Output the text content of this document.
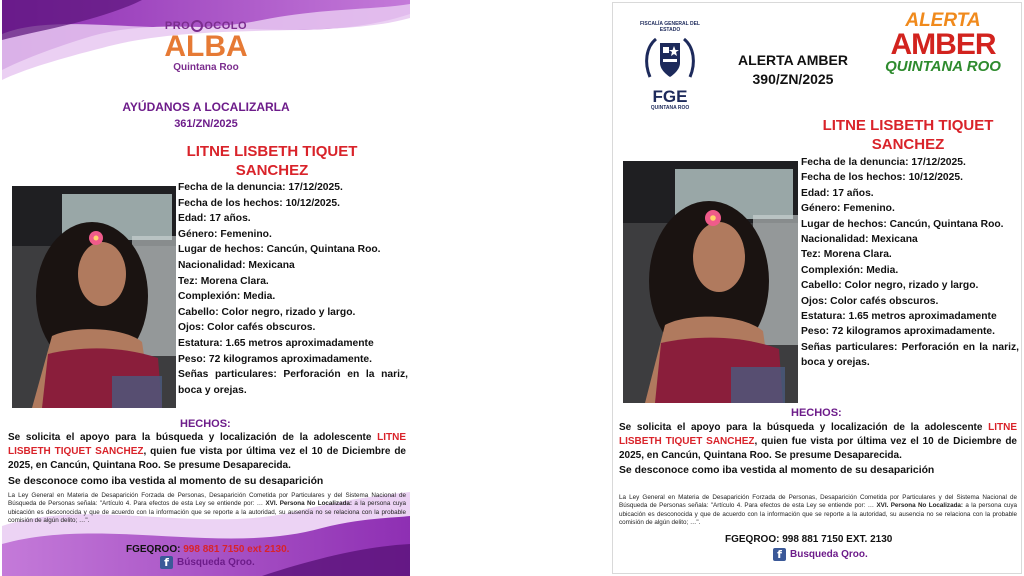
PRO OCOLO
ALBA
Quintana Roo
AYÚDANOS A LOCALIZARLA
361/ZN/2025
LITNE LISBETH TIQUET
SANCHEZ
Fecha de la denuncia: 17/12/2025.
Fecha de los hechos: 10/12/2025.
Edad: 17 años.
Género: Femenino.
Lugar de hechos: Cancún, Quintana Roo.
Nacionalidad: Mexicana
Tez: Morena Clara.
Complexión: Media.
Cabello: Color negro, rizado y largo.
Ojos: Color cafés obscuros.
Estatura: 1.65 metros aproximadamente
Peso: 72 kilogramos aproximadamente.
Señas particulares: Perforación en la nariz, boca y orejas.
HECHOS:
Se solicita el apoyo para la búsqueda y localización de la adolescente LITNE LISBETH TIQUET SANCHEZ, quien fue vista por última vez el 10 de Diciembre de 2025, en Cancún, Quintana Roo. Se presume Desaparecida.
Se desconoce como iba vestida al momento de su desaparición
La Ley General en Materia de Desaparición Forzada de Personas, Desaparición Cometida por Particulares y del Sistema Nacional de Búsqueda de Personas señala: "Artículo 4. Para efectos de esta Ley se entiende por: … XVI. Persona No Localizada: a la persona cuya ubicación es desconocida y que de acuerdo con la información que se reporte a la autoridad, su ausencia no se relaciona con la probable comisión de algún delito; …".
FGEQROO: 998 881 7150 ext 2130.
f Búsqueda Qroo.
FISCALÍA GENERAL DEL ESTADO
FGE
QUINTANA ROO
ALERTA AMBER
390/ZN/2025
ALERTA
AMBER
QUINTANA ROO
LITNE LISBETH TIQUET
SANCHEZ
Fecha de la denuncia: 17/12/2025.
Fecha de los hechos: 10/12/2025.
Edad: 17 años.
Género: Femenino.
Lugar de hechos: Cancún, Quintana Roo.
Nacionalidad: Mexicana
Tez: Morena Clara.
Complexión: Media.
Cabello: Color negro, rizado y largo.
Ojos: Color cafés obscuros.
Estatura: 1.65 metros aproximadamente
Peso: 72 kilogramos aproximadamente.
Señas particulares: Perforación en la nariz, boca y orejas.
HECHOS:
Se solicita el apoyo para la búsqueda y localización de la adolescente LITNE LISBETH TIQUET SANCHEZ, quien fue vista por última vez el 10 de Diciembre de 2025, en Cancún, Quintana Roo. Se presume Desaparecida.
Se desconoce como iba vestida al momento de su desaparición
La Ley General en Materia de Desaparición Forzada de Personas, Desaparición Cometida por Particulares y del Sistema Nacional de Búsqueda de Personas señala: "Artículo 4. Para efectos de esta Ley se entiende por: … XVI. Persona No Localizada: a la persona cuya ubicación es desconocida y que de acuerdo con la información que se reporte a la autoridad, su ausencia no se relaciona con la probable comisión de algún delito; …".
FGEQROO: 998 881 7150 EXT. 2130
f Busqueda Qroo.
